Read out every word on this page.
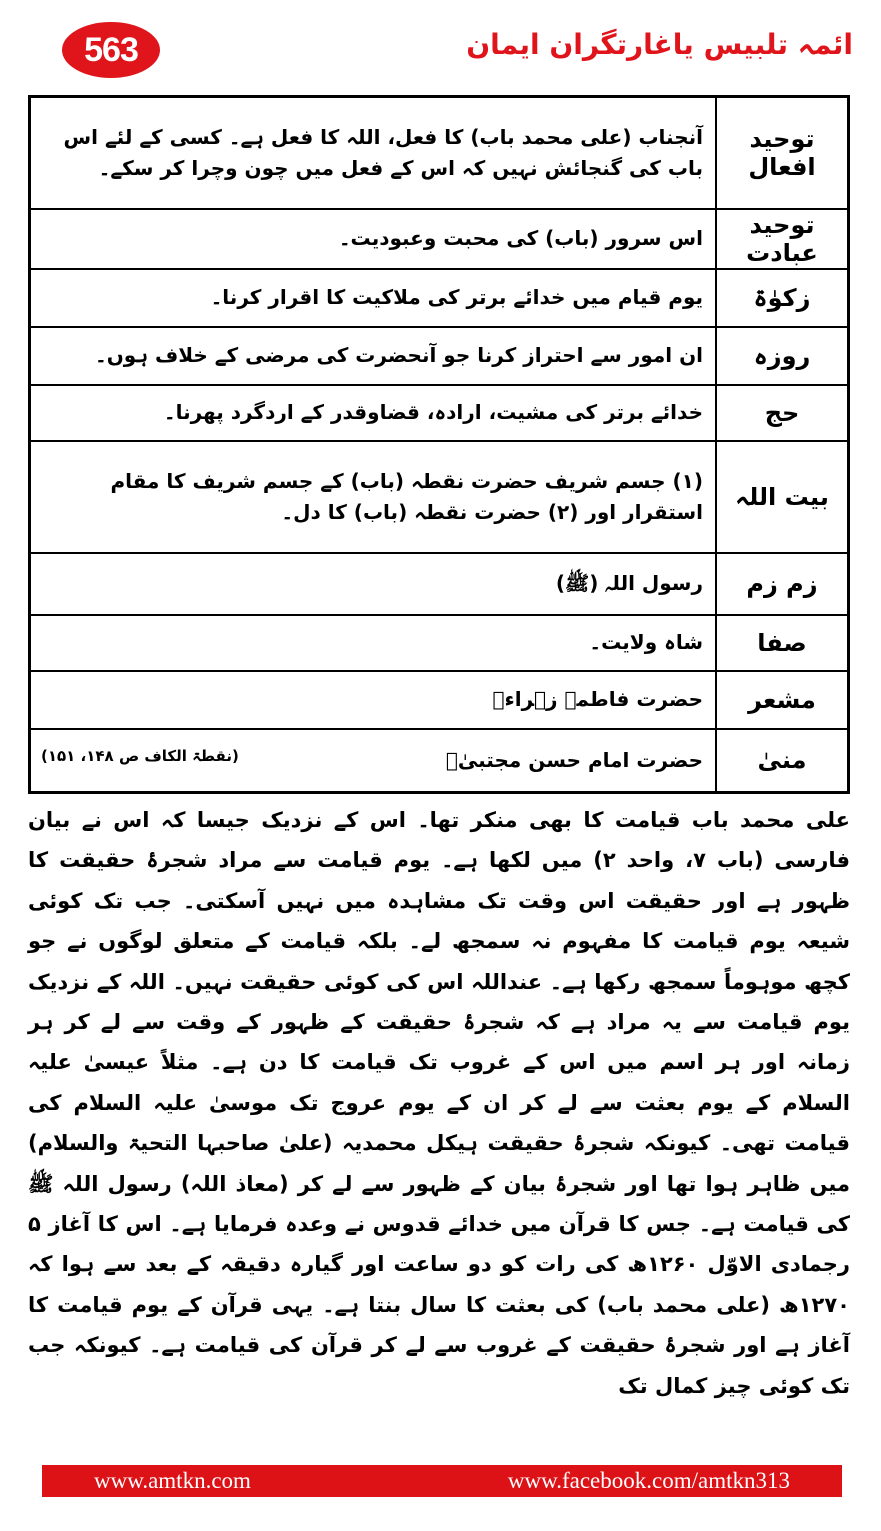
563	ائمہ تلبیس یاغارتگران ایمان
توحید افعال	آنجناب (علی محمد باب) کا فعل، اللہ کا فعل ہے۔ کسی کے لئے اس باب کی گنجائش نہیں کہ اس کے فعل میں چون وچرا کر سکے۔
توحید عبادت	اس سرور (باب) کی محبت وعبودیت۔
زکوٰۃ	یوم قیام میں خدائے برتر کی ملاکیت کا اقرار کرنا۔
روزہ	ان امور سے احتراز کرنا جو آنحضرت کی مرضی کے خلاف ہوں۔
حج	خدائے برتر کی مشیت، ارادہ، قضاوقدر کے اردگرد پھرنا۔
بیت اللہ	(۱) جسم شریف حضرت نقطہ (باب) کے جسم شریف کا مقام استقرار اور (۲) حضرت نقطہ (باب) کا دل۔
زم زم	رسول اللہ (ﷺ)
صفا	شاہ ولایت۔
مشعر	حضرت فاطمہ زہراءؓ
منیٰ	حضرت امام حسن مجتبیٰؓ
(نقطۃ الکاف ص ۱۴۸، ۱۵۱)
علی محمد باب قیامت کا بھی منکر تھا۔ اس کے نزدیک جیسا کہ اس نے بیان فارسی (باب ۷، واحد ۲) میں لکھا ہے۔ یوم قیامت سے مراد شجرۂ حقیقت کا ظہور ہے اور حقیقت اس وقت تک مشاہدہ میں نہیں آسکتی۔ جب تک کوئی شیعہ یوم قیامت کا مفہوم نہ سمجھ لے۔ بلکہ قیامت کے متعلق لوگوں نے جو کچھ موہوماً سمجھ رکھا ہے۔ عنداللہ اس کی کوئی حقیقت نہیں۔ اللہ کے نزدیک یوم قیامت سے یہ مراد ہے کہ شجرۂ حقیقت کے ظہور کے وقت سے لے کر ہر زمانہ اور ہر اسم میں اس کے غروب تک قیامت کا دن ہے۔ مثلاً عیسیٰ علیہ السلام کے یوم بعثت سے لے کر ان کے یوم عروج تک موسیٰ علیہ السلام کی قیامت تھی۔ کیونکہ شجرۂ حقیقت ہیکل محمدیہ (علیٰ صاحبہا التحیۃ والسلام) میں ظاہر ہوا تھا اور شجرۂ بیان کے ظہور سے لے کر (معاذ اللہ) رسول اللہ ﷺ کی قیامت ہے۔ جس کا قرآن میں خدائے قدوس نے وعدہ فرمایا ہے۔ اس کا آغاز ۵ رجمادی الاوّل ۱۲۶۰ھ کی رات کو دو ساعت اور گیارہ دقیقہ کے بعد سے ہوا کہ ۱۲۷۰ھ (علی محمد باب) کی بعثت کا سال بنتا ہے۔ یہی قرآن کے یوم قیامت کا آغاز ہے اور شجرۂ حقیقت کے غروب سے لے کر قرآن کی قیامت ہے۔ کیونکہ جب تک کوئی چیز کمال تک
www.amtkn.com	www.facebook.com/amtkn313
